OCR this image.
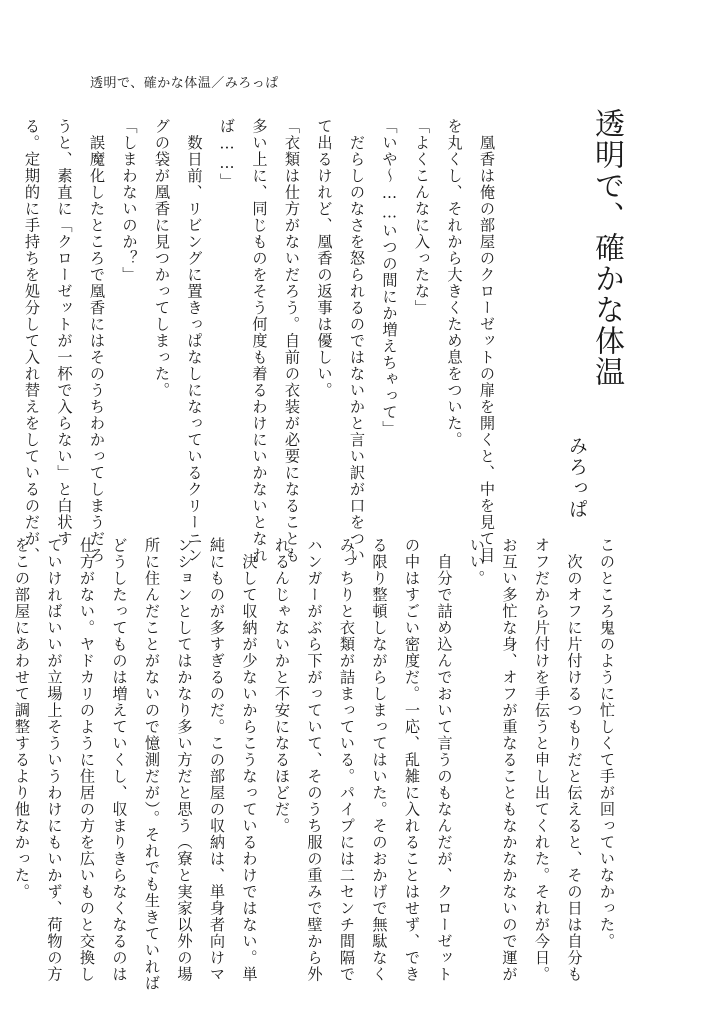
透明で、確かな体温／みろっぱ
透明で、確かな体温
みろっぱ

　凰香は俺の部屋のクローゼットの扉を開くと、中を見て目

を丸くし、それから大きくため息をついた。

「よくこんなに入ったな」

「いや〜……いつの間にか増えちゃって」

　だらしのなさを怒られるのではないかと言い訳が口をつい

て出るけれど、凰香の返事は優しい。

「衣類は仕方がないだろう。自前の衣装が必要になることも

多い上に、同じものをそう何度も着るわけにいかないとなれ

ば……」

　数日前、リビングに置きっぱなしになっているクリーニン

グの袋が凰香に見つかってしまった。

「しまわないのか？」

　誤魔化したところで凰香にはそのうちわかってしまうだろ

うと、素直に「クローゼットが一杯で入らない」と白状す

る。定期的に手持ちを処分して入れ替えをしているのだが、

このところ鬼のように忙しくて手が回っていなかった。

　次のオフに片付けるつもりだと伝えると、その日は自分も

オフだから片付けを手伝うと申し出てくれた。それが今日。

お互い多忙な身、オフが重なることもなかなかないので運が

いい。

　自分で詰め込んでおいて言うのもなんだが、クローゼット

の中はすごい密度だ。一応、乱雑に入れることはせず、でき

る限り整頓しながらしまってはいた。そのおかげで無駄なく

みっちりと衣類が詰まっている。パイプには二センチ間隔で

ハンガーがぶら下がっていて、そのうち服の重みで壁から外

れるんじゃないかと不安になるほどだ。

　決して収納が少ないからこうなっているわけではない。単

純にものが多すぎるのだ。この部屋の収納は、単身者向けマ

ンションとしてはかなり多い方だと思う（寮と実家以外の場

所に住んだことがないので憶測だが）。それでも生きていれば

どうしたってものは増えていくし、収まりきらなくなるのは

仕方がない。ヤドカリのように住居の方を広いものと交換し

ていければいいが立場上そういうわけにもいかず、荷物の方

をこの部屋にあわせて調整するより他なかった。
